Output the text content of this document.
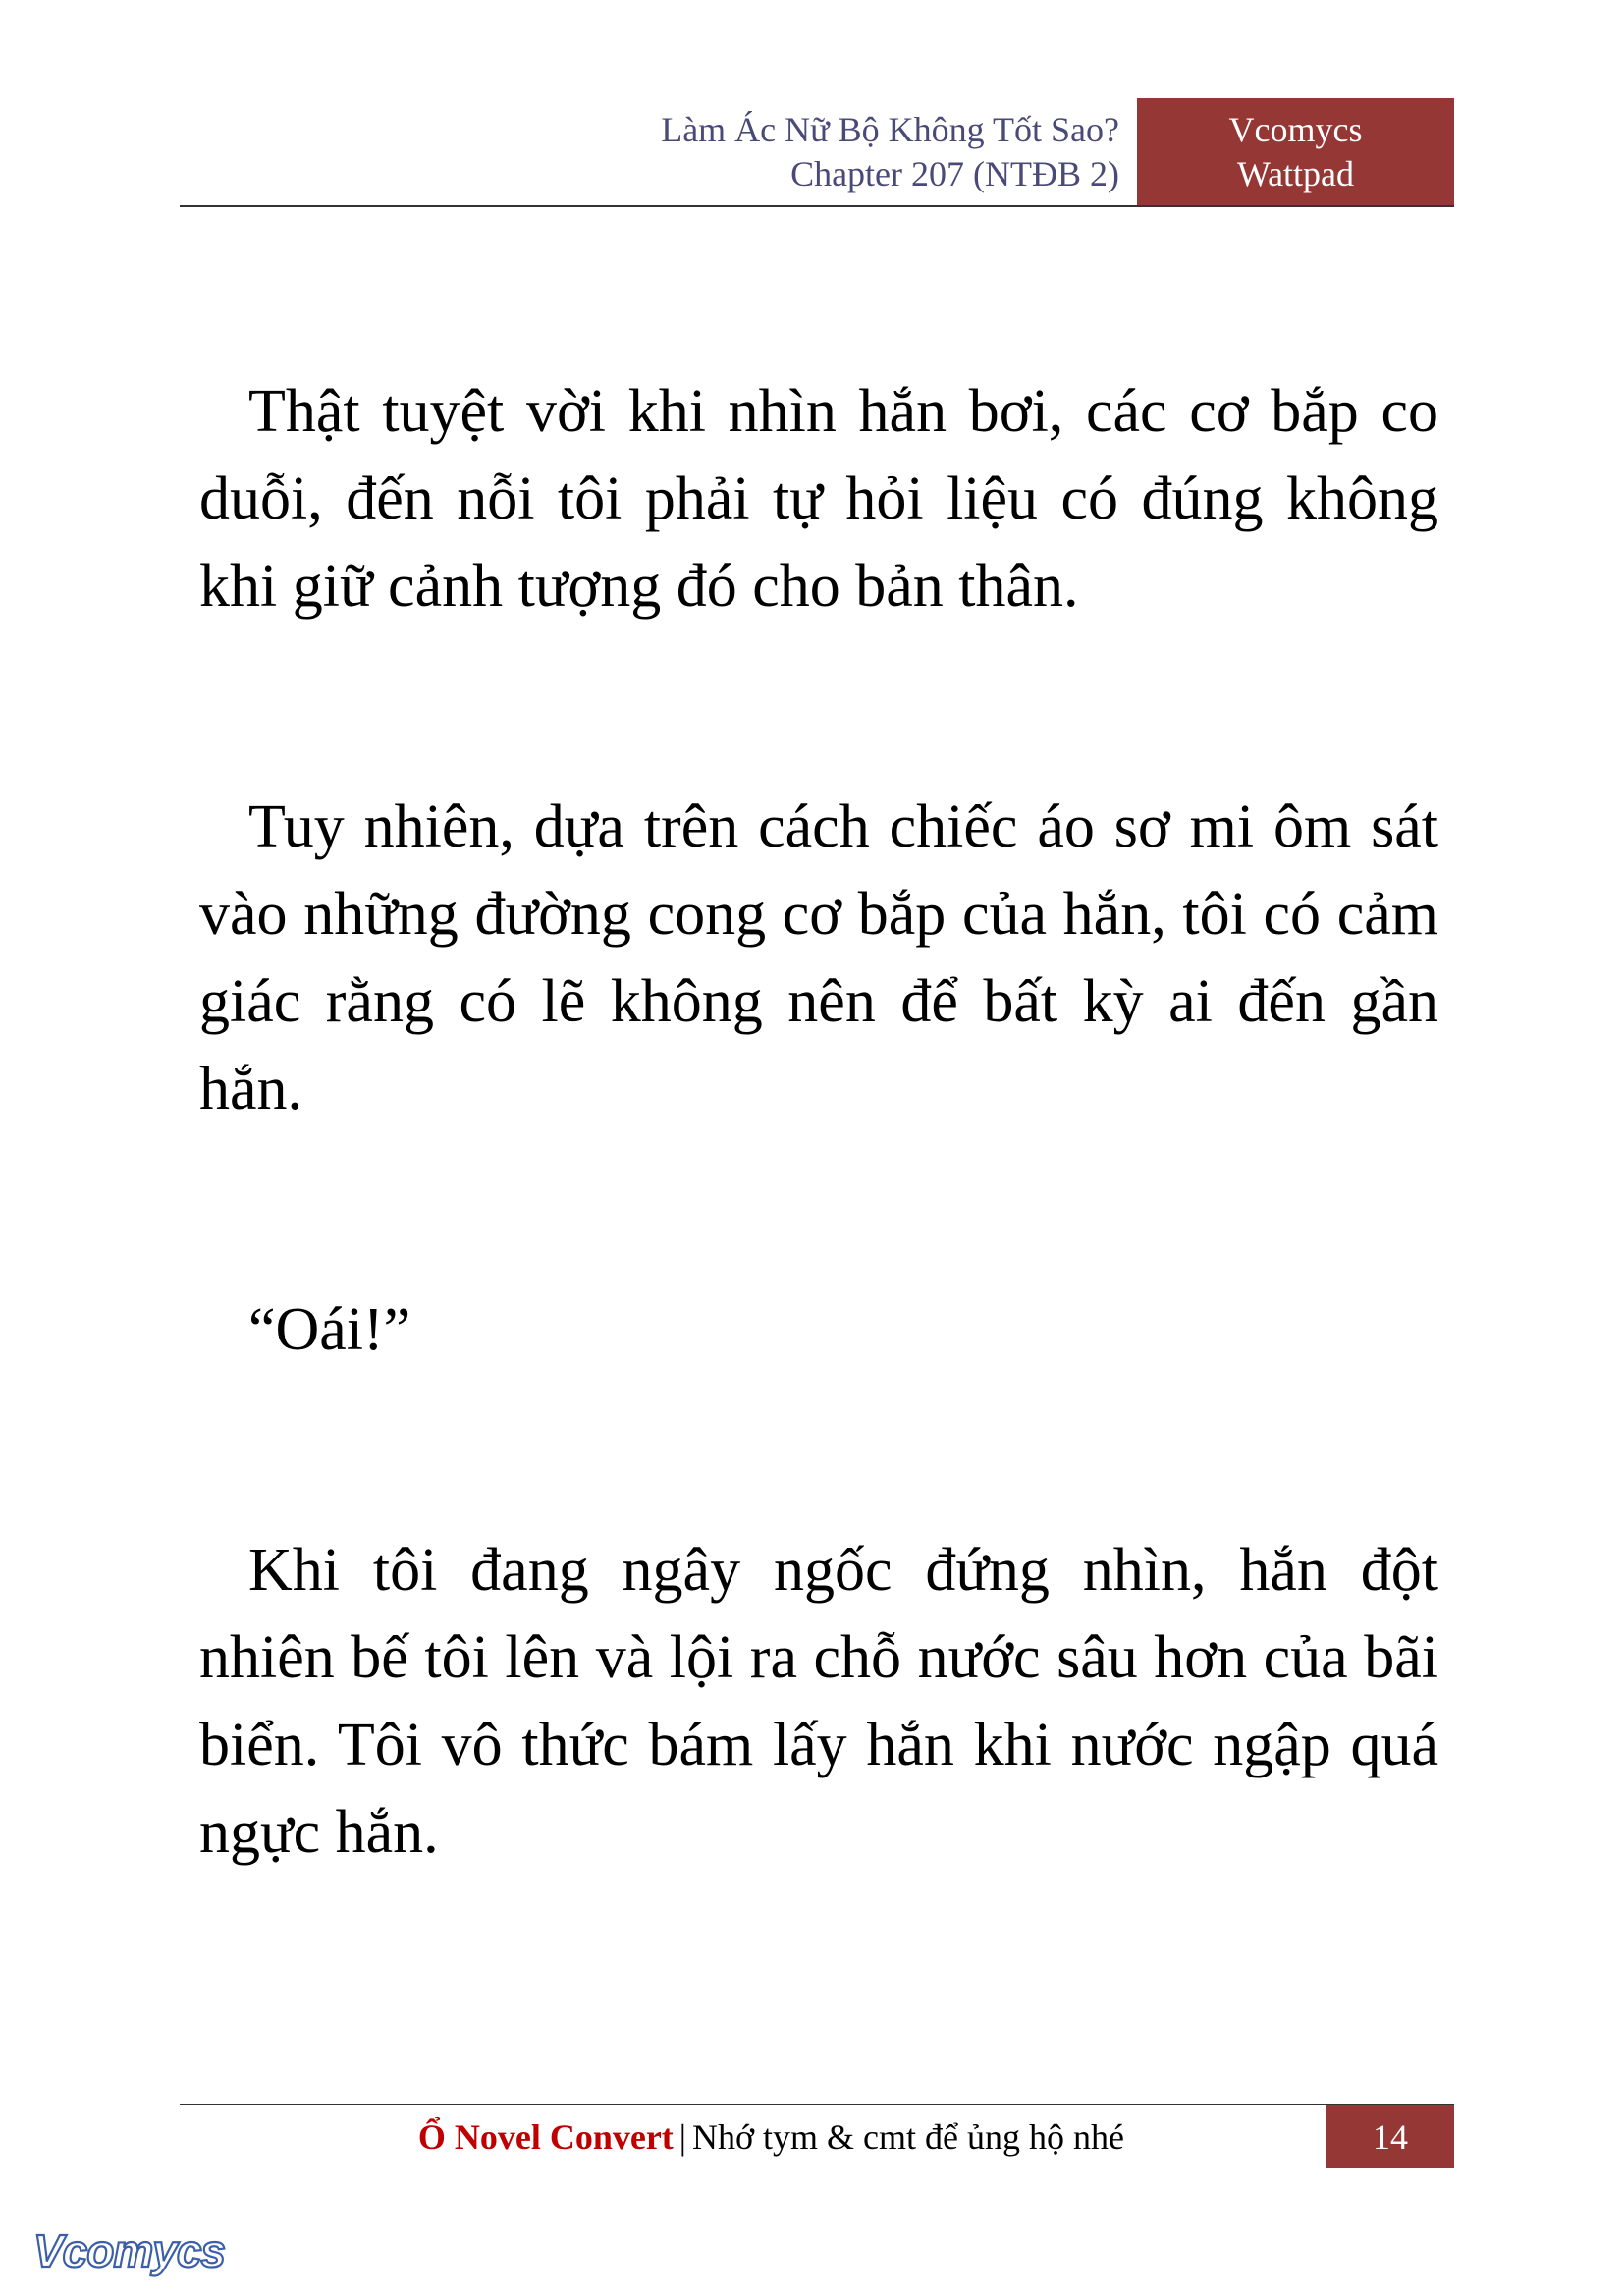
Làm Ác Nữ Bộ Không Tốt Sao?
Chapter 207 (NTĐB 2)
Vcomycs
Wattpad

Thật tuyệt vời khi nhìn hắn bơi, các cơ bắp co duỗi, đến nỗi tôi phải tự hỏi liệu có đúng không khi giữ cảnh tượng đó cho bản thân.

Tuy nhiên, dựa trên cách chiếc áo sơ mi ôm sát vào những đường cong cơ bắp của hắn, tôi có cảm giác rằng có lẽ không nên để bất kỳ ai đến gần hắn.

“Oái!”

Khi tôi đang ngây ngốc đứng nhìn, hắn đột nhiên bế tôi lên và lội ra chỗ nước sâu hơn của bãi biển. Tôi vô thức bám lấy hắn khi nước ngập quá ngực hắn.

Ổ Novel Convert | Nhớ tym & cmt để ủng hộ nhé	14
Vcomycs
